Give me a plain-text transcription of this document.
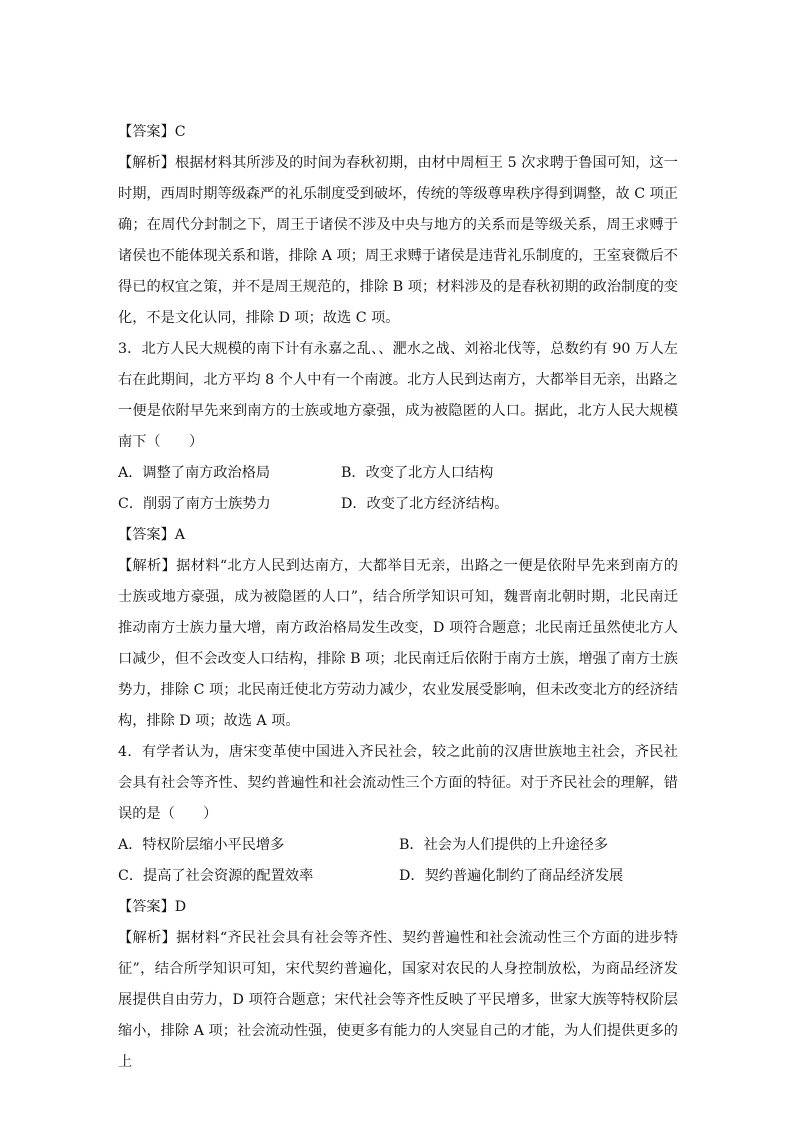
【答案】C

【解析】根据材料其所涉及的时间为春秋初期，由材中周桓王 5 次求聘于鲁国可知，这一时期，西周时期等级森严的礼乐制度受到破坏，传统的等级尊卑秩序得到调整，故 C 项正确；在周代分封制之下，周王于诸侯不涉及中央与地方的关系而是等级关系，周王求赙于诸侯也不能体现关系和谐，排除 A 项；周王求赙于诸侯是违背礼乐制度的，王室衰微后不得已的权宜之策，并不是周王规范的，排除 B 项；材料涉及的是春秋初期的政治制度的变化，不是文化认同，排除 D 项；故选 C 项。

3．北方人民大规模的南下计有永嘉之乱、、淝水之战、刘裕北伐等，总数约有 90 万人左右在此期间，北方平均 8 个人中有一个南渡。北方人民到达南方，大都举目无亲，出路之一便是依附早先来到南方的士族或地方豪强，成为被隐匿的人口。据此，北方人民大规模南下（　　）

A．调整了南方政治格局	B．改变了北方人口结构
C．削弱了南方士族势力	D．改变了北方经济结构。

【答案】A

【解析】据材料“北方人民到达南方，大都举目无亲，出路之一便是依附早先来到南方的士族或地方豪强，成为被隐匿的人口”，结合所学知识可知，魏晋南北朝时期，北民南迁推动南方士族力量大增，南方政治格局发生改变，D 项符合题意；北民南迁虽然使北方人口减少，但不会改变人口结构，排除 B 项；北民南迁后依附于南方士族，增强了南方士族势力，排除 C 项；北民南迁使北方劳动力减少，农业发展受影响，但未改变北方的经济结构，排除 D 项；故选 A 项。

4．有学者认为，唐宋变革使中国进入齐民社会，较之此前的汉唐世族地主社会，齐民社会具有社会等齐性、契约普遍性和社会流动性三个方面的特征。对于齐民社会的理解，错误的是（　　）

A．特权阶层缩小平民增多	B．社会为人们提供的上升途径多
C．提高了社会资源的配置效率	D．契约普遍化制约了商品经济发展

【答案】D

【解析】据材料“齐民社会具有社会等齐性、契约普遍性和社会流动性三个方面的进步特征”，结合所学知识可知，宋代契约普遍化，国家对农民的人身控制放松，为商品经济发展提供自由劳力，D 项符合题意；宋代社会等齐性反映了平民增多，世家大族等特权阶层缩小，排除 A 项；社会流动性强，使更多有能力的人突显自己的才能，为人们提供更多的上
